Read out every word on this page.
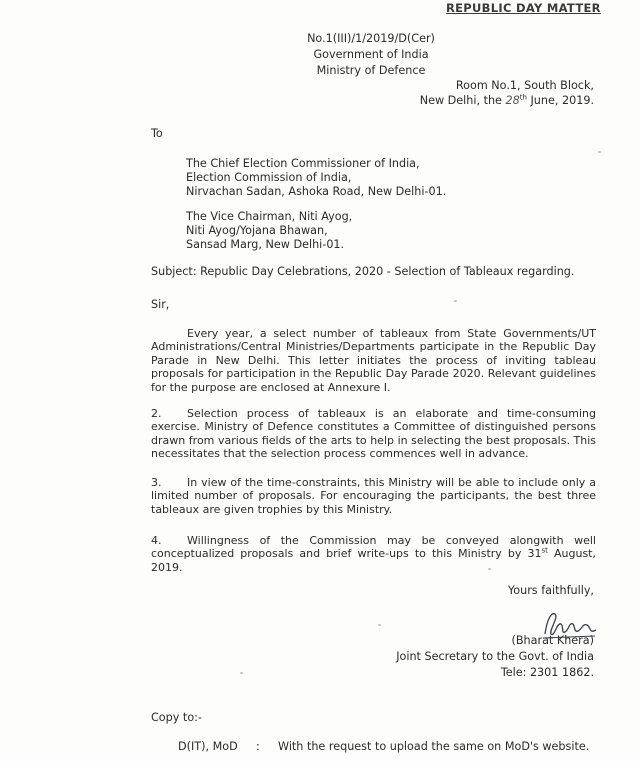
REPUBLIC DAY MATTER
No.1(III)/1/2019/D(Cer)
Government of India
Ministry of Defence
Room No.1, South Block,
New Delhi, the 28th June, 2019.
To
The Chief Election Commissioner of India,
Election Commission of India,
Nirvachan Sadan, Ashoka Road, New Delhi-01.
The Vice Chairman, Niti Ayog,
Niti Ayog/Yojana Bhawan,
Sansad Marg, New Delhi-01.
Subject: Republic Day Celebrations, 2020 - Selection of Tableaux regarding.
Sir,
Every year, a select number of tableaux from State Governments/UT Administrations/Central Ministries/Departments participate in the Republic Day Parade in New Delhi. This letter initiates the process of inviting tableau proposals for participation in the Republic Day Parade 2020. Relevant guidelines for the purpose are enclosed at Annexure I.
2. Selection process of tableaux is an elaborate and time-consuming exercise. Ministry of Defence constitutes a Committee of distinguished persons drawn from various fields of the arts to help in selecting the best proposals. This necessitates that the selection process commences well in advance.
3. In view of the time-constraints, this Ministry will be able to include only a limited number of proposals. For encouraging the participants, the best three tableaux are given trophies by this Ministry.
4. Willingness of the Commission may be conveyed alongwith well conceptualized proposals and brief write-ups to this Ministry by 31st August, 2019.
Yours faithfully,
(Bharat Khera)
Joint Secretary to the Govt. of India
Tele: 2301 1862.
Copy to:-
D(IT), MoD : With the request to upload the same on MoD's website.
